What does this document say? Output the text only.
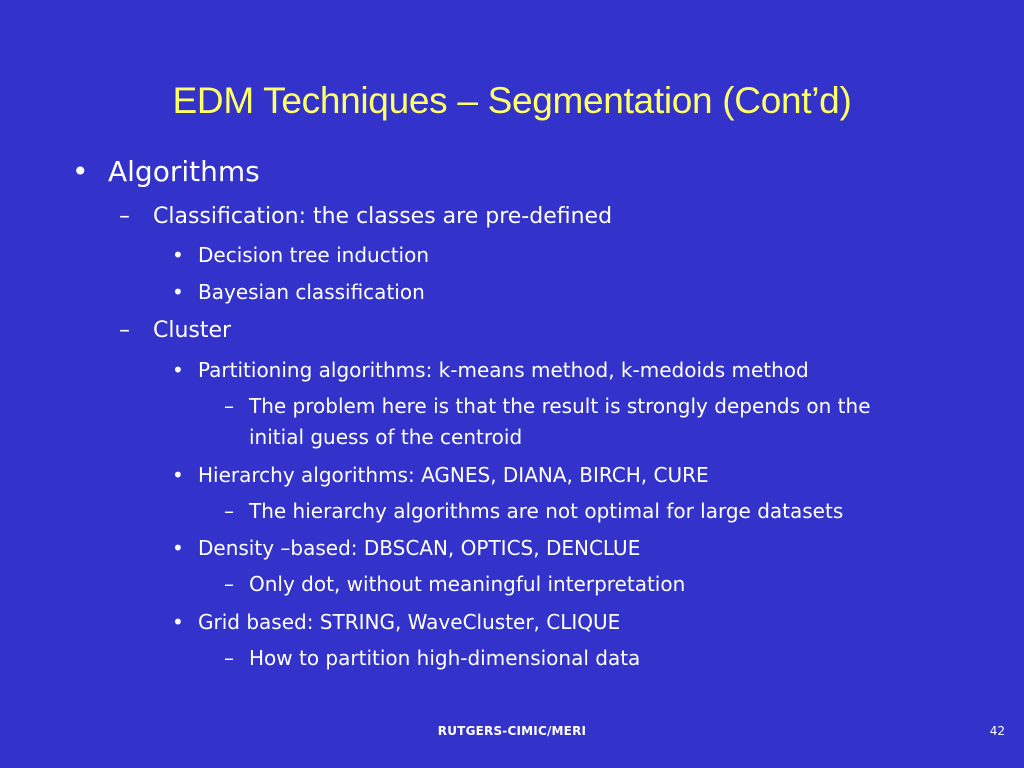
EDM Techniques – Segmentation (Cont’d)
• Algorithms
– Classification: the classes are pre-defined
• Decision tree induction
• Bayesian classification
– Cluster
• Partitioning algorithms: k-means method, k-medoids method
– The problem here is that the result is strongly depends on the
initial guess of the centroid
• Hierarchy algorithms: AGNES, DIANA, BIRCH, CURE
– The hierarchy algorithms are not optimal for large datasets
• Density –based: DBSCAN, OPTICS, DENCLUE
– Only dot, without meaningful interpretation
• Grid based: STRING, WaveCluster, CLIQUE
– How to partition high-dimensional data
RUTGERS-CIMIC/MERI	42
